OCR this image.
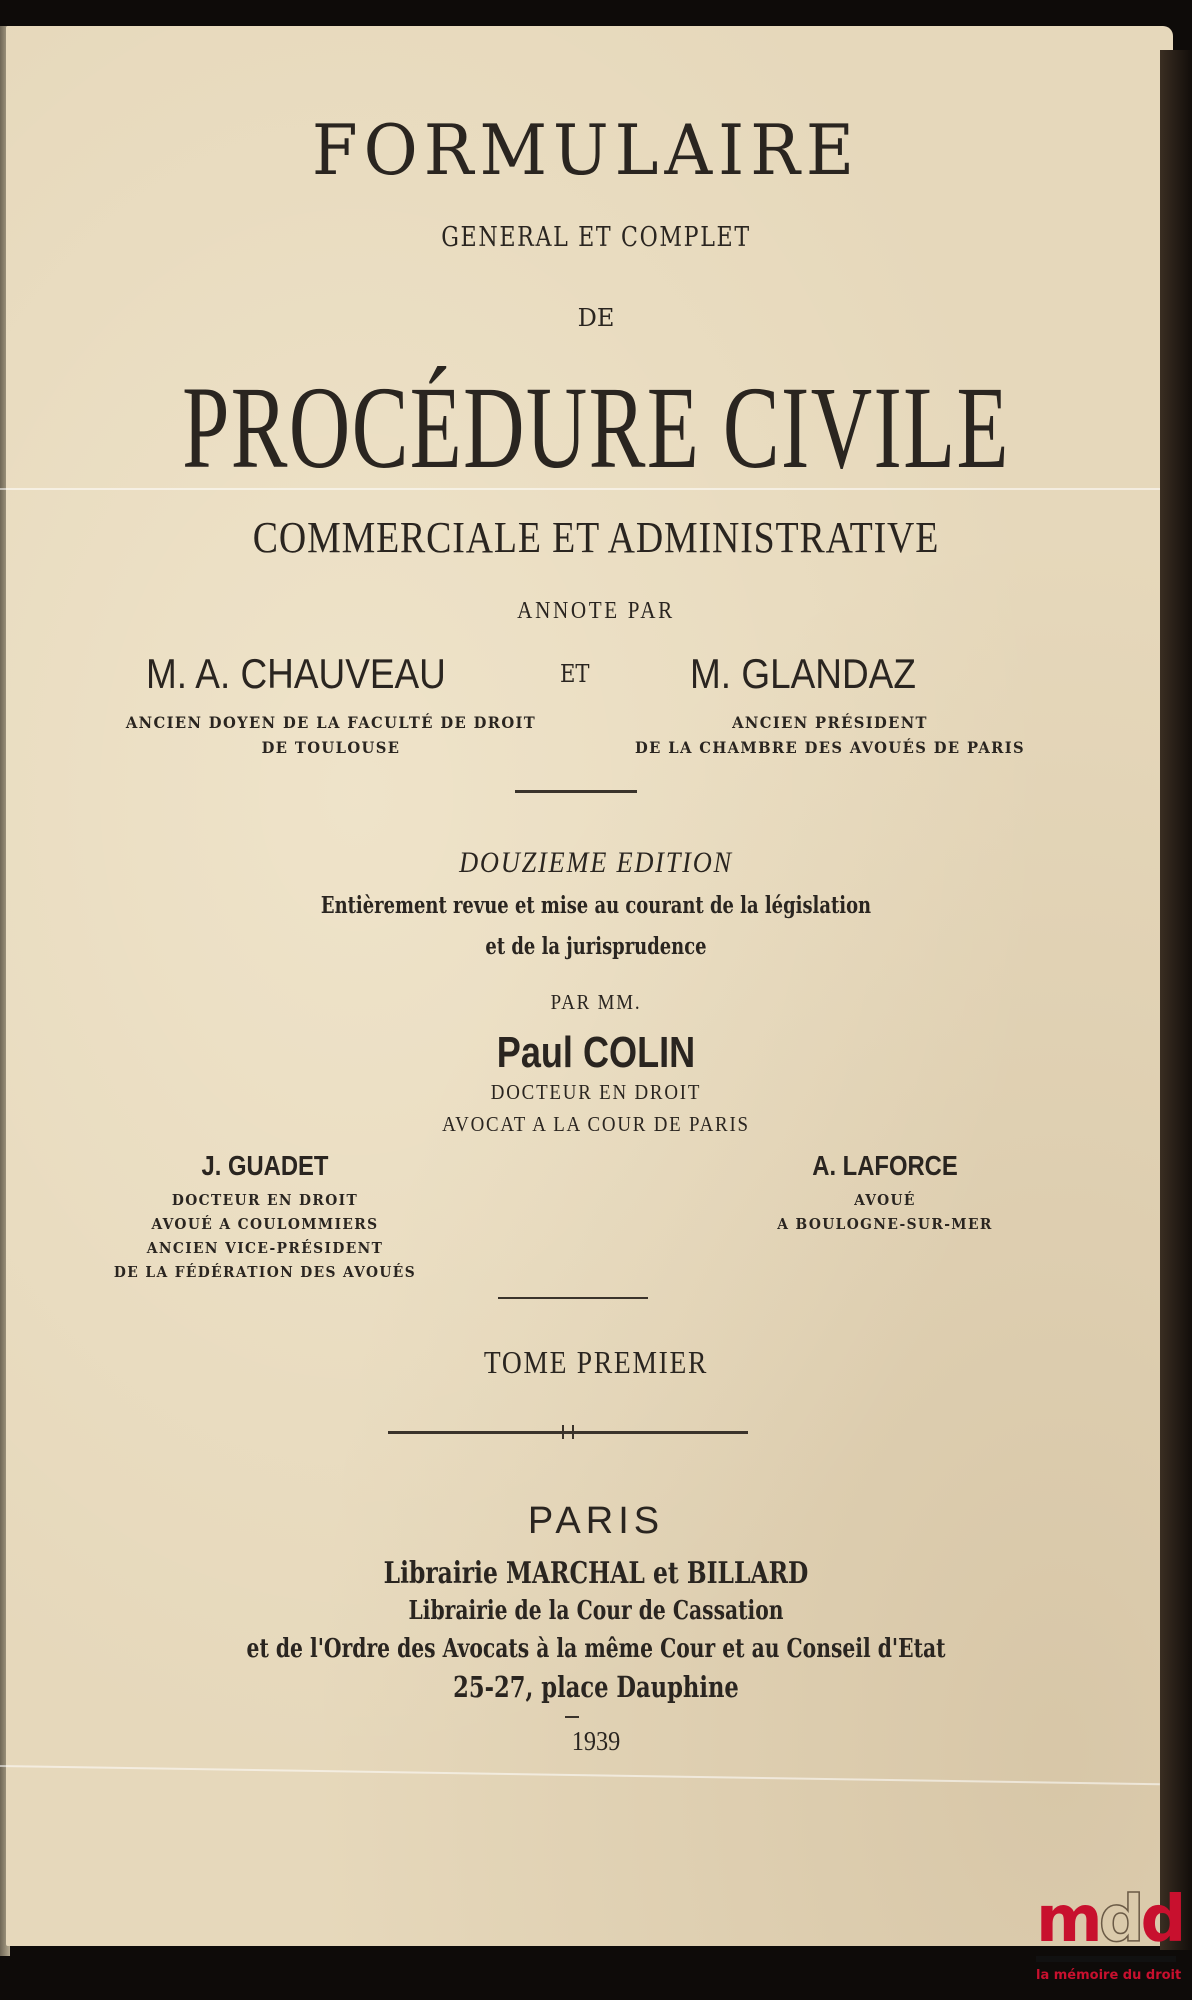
FORMULAIRE
GENERAL ET COMPLET
DE
PROCÉDURE CIVILE
COMMERCIALE ET ADMINISTRATIVE
ANNOTE PAR
M. A. CHAUVEAU	ET M. GLANDAZ
ANCIEN DOYEN DE LA FACULTÉ DE DROIT
DE TOULOUSE
ANCIEN PRÉSIDENT
DE LA CHAMBRE DES AVOUÉS DE PARIS
DOUZIEME EDITION
Entièrement revue et mise au courant de la législation
et de la jurisprudence
PAR MM.
Paul COLIN
DOCTEUR EN DROIT
AVOCAT A LA COUR DE PARIS
J. GUADET
DOCTEUR EN DROIT
AVOUÉ A COULOMMIERS
ANCIEN VICE-PRÉSIDENT
DE LA FÉDÉRATION DES AVOUÉS
A. LAFORCE
AVOUÉ
A BOULOGNE-SUR-MER
TOME PREMIER
PARIS
Librairie MARCHAL et BILLARD
Librairie de la Cour de Cassation
et de l'Ordre des Avocats à la même Cour et au Conseil d'Etat
25-27, place Dauphine
1939
mdd
la mémoire du droit
